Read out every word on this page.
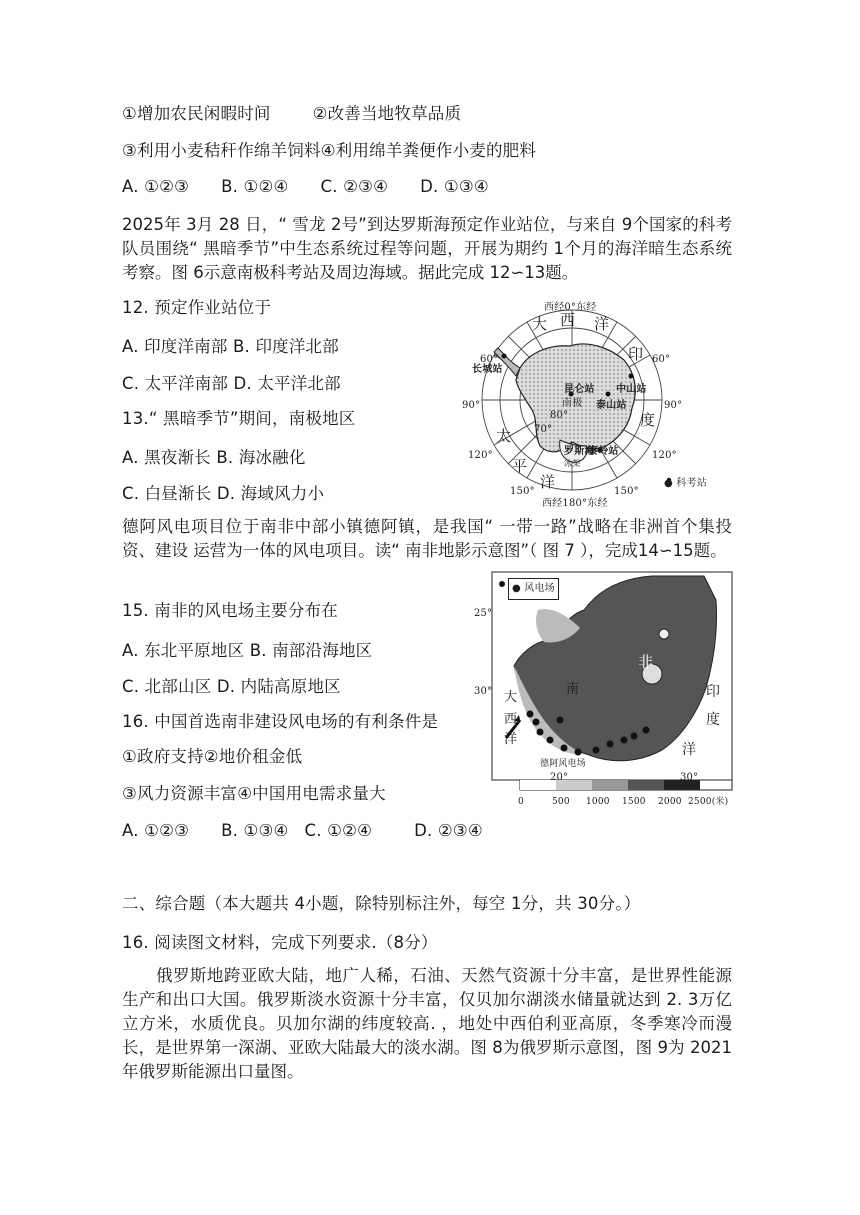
①增加农民闲暇时间	②改善当地牧草品质
③利用小麦秸秆作绵羊饲料④利用绵羊粪便作小麦的肥料
A. ①②③ B. ①②④ C. ②③④ D. ①③④
2025年 3月 28 日，“ 雪龙 2号”到达罗斯海预定作业站位，与来自 9个国家的科考队员围绕“ 黑暗季节”中生态系统过程等问题，开展为期约 1个月的海洋暗生态系统考察。图 6示意南极科考站及周边海域。据此完成 12∽13题。
12. 预定作业站位于
A. 印度洋南部 B. 印度洋北部
C. 太平洋南部 D. 太平洋北部
13.“ 黑暗季节”期间，南极地区
A. 黑夜渐长 B. 海冰融化
C. 白昼渐长 D. 海域风力小
西经0°东经
西经180°东经
大 西 洋
印
度
太
平
洋
60°	60°
90°	90°
120°	120°
150°	150°
70°
80°
长城站
昆仑站 中山站
泰山站
南极
罗斯海
秦岭站
冰架
● 科考站
德阿风电项目位于南非中部小镇德阿镇，是我国“ 一带一路”战略在非洲首个集投资、建设 运营为一体的风电项目。读“ 南非地影示意图”（ 图 7 ），完成14∽15题。
15. 南非的风电场主要分布在
A. 东北平原地区 B. 南部沿海地区
C. 北部山区 D. 内陆高原地区
16. 中国首选南非建设风电场的有利条件是
①政府支持②地价租金低
③风力资源丰富④中国用电需求量大
A. ①②③ B. ①③④ C. ①②④	D. ②③④
● 风电场
25°
30°
20°	30°
非
南
大
西
洋
印
度
洋
德阿风电场
0	500 1000 1500 2000 2500(米)
二、综合题（本大题共 4小题，除特别标注外，每空 1分，共 30分。）
16. 阅读图文材料，完成下列要求.（8分）
俄罗斯地跨亚欧大陆，地广人稀，石油、天然气资源十分丰富，是世界性能源生产和出口大国。俄罗斯淡水资源十分丰富，仅贝加尔湖淡水储量就达到 2. 3万亿立方米，水质优良。贝加尔湖的纬度较高. ，地处中西伯利亚高原，冬季寒冷而漫长，是世界第一深湖、亚欧大陆最大的淡水湖。图 8为俄罗斯示意图，图 9为 2021年俄罗斯能源出口量图。
